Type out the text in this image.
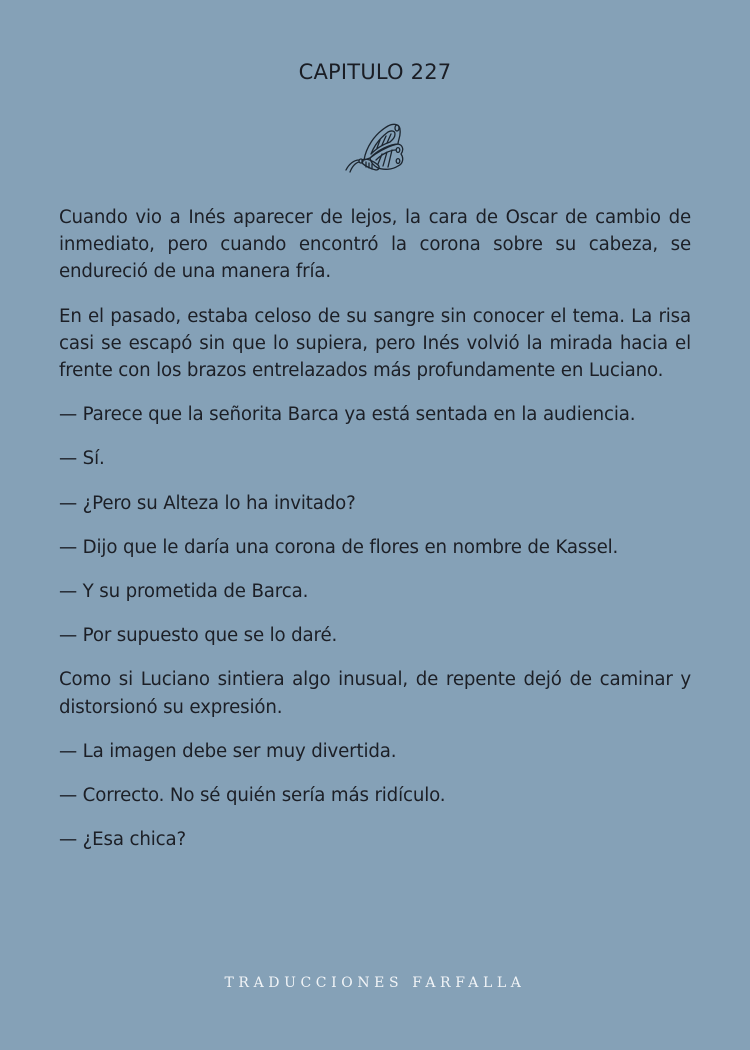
CAPITULO 227

Cuando vio a Inés aparecer de lejos, la cara de Oscar de cambio de inmediato, pero cuando encontró la corona sobre su cabeza, se endureció de una manera fría.

En el pasado, estaba celoso de su sangre sin conocer el tema. La risa casi se escapó sin que lo supiera, pero Inés volvió la mirada hacia el frente con los brazos entrelazados más profundamente en Luciano.

— Parece que la señorita Barca ya está sentada en la audiencia.

— Sí.

— ¿Pero su Alteza lo ha invitado?

— Dijo que le daría una corona de flores en nombre de Kassel.

— Y su prometida de Barca.

— Por supuesto que se lo daré.

Como si Luciano sintiera algo inusual, de repente dejó de caminar y distorsionó su expresión.

— La imagen debe ser muy divertida.

— Correcto. No sé quién sería más ridículo.

— ¿Esa chica?

TRADUCCIONES FARFALLA
